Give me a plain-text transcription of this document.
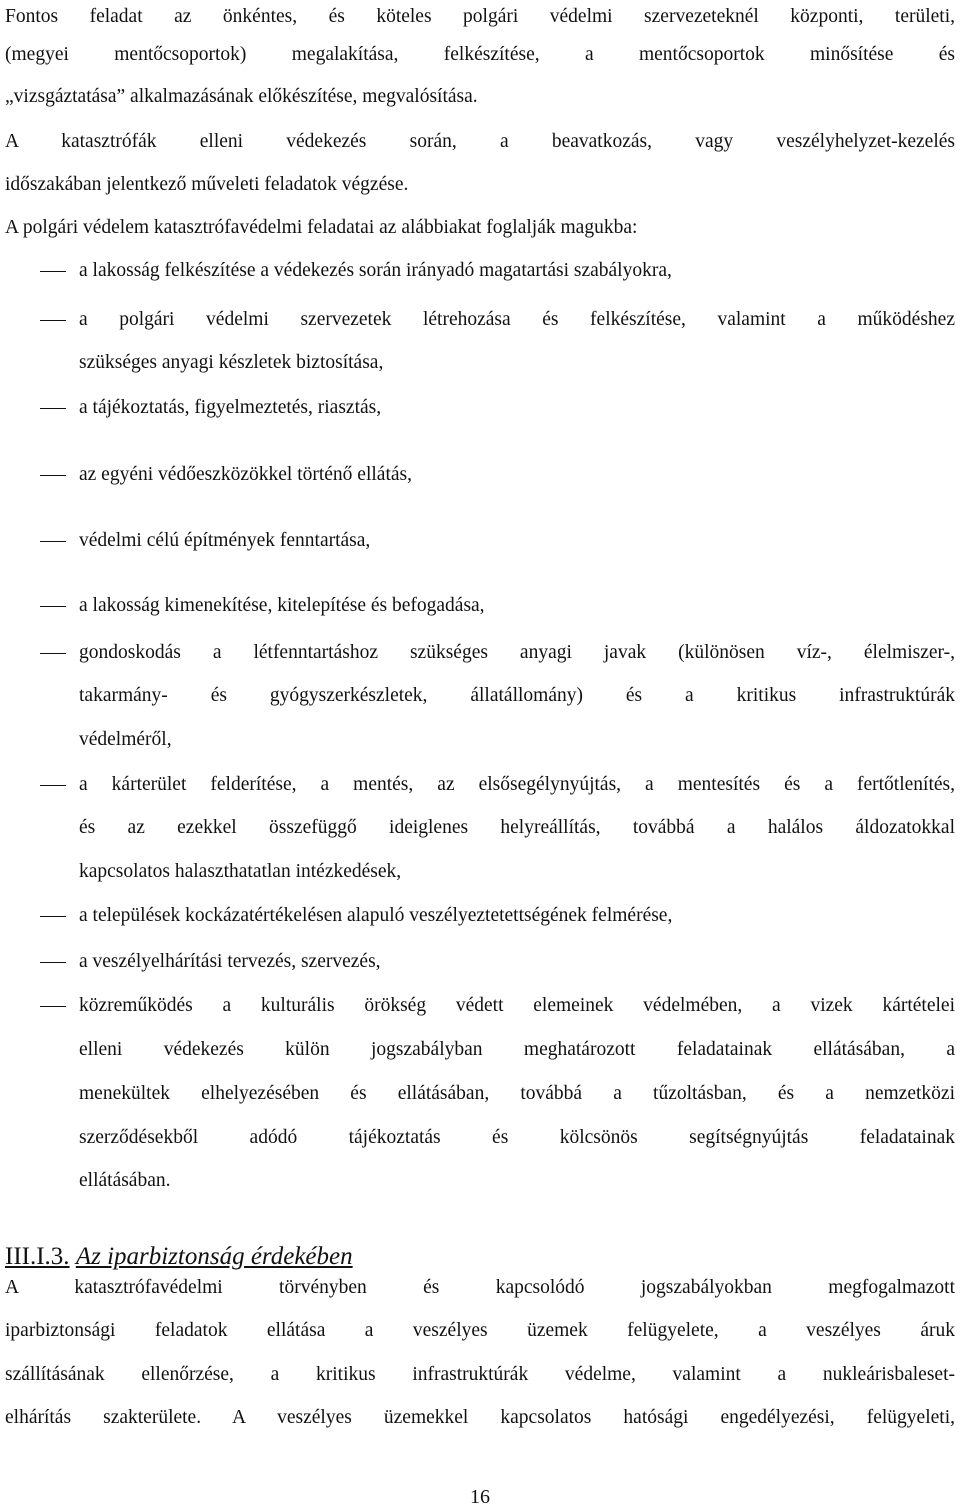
Fontos feladat az önkéntes, és köteles polgári védelmi szervezeteknél központi, területi,
(megyei mentőcsoportok) megalakítása, felkészítése, a mentőcsoportok minősítése és
„vizsgáztatása” alkalmazásának előkészítése, megvalósítása.
A katasztrófák elleni védekezés során, a beavatkozás, vagy veszélyhelyzet-kezelés
időszakában jelentkező műveleti feladatok végzése.
A polgári védelem katasztrófavédelmi feladatai az alábbiakat foglalják magukba:
a lakosság felkészítése a védekezés során irányadó magatartási szabályokra,
a polgári védelmi szervezetek létrehozása és felkészítése, valamint a működéshez
szükséges anyagi készletek biztosítása,
a tájékoztatás, figyelmeztetés, riasztás,
az egyéni védőeszközökkel történő ellátás,
védelmi célú építmények fenntartása,
a lakosság kimenekítése, kitelepítése és befogadása,
gondoskodás a létfenntartáshoz szükséges anyagi javak (különösen víz-, élelmiszer-,
takarmány- és gyógyszerkészletek, állatállomány) és a kritikus infrastruktúrák
védelméről,
a kárterület felderítése, a mentés, az elsősegélynyújtás, a mentesítés és a fertőtlenítés,
és az ezekkel összefüggő ideiglenes helyreállítás, továbbá a halálos áldozatokkal
kapcsolatos halaszthatatlan intézkedések,
a települések kockázatértékelésen alapuló veszélyeztetettségének felmérése,
a veszélyelhárítási tervezés, szervezés,
közreműködés a kulturális örökség védett elemeinek védelmében, a vizek kártételei
elleni védekezés külön jogszabályban meghatározott feladatainak ellátásában, a
menekültek elhelyezésében és ellátásában, továbbá a tűzoltásban, és a nemzetközi
szerződésekből adódó tájékoztatás és kölcsönös segítségnyújtás feladatainak
ellátásában.
III.I.3. Az iparbiztonság érdekében
A katasztrófavédelmi törvényben és kapcsolódó jogszabályokban megfogalmazott
iparbiztonsági feladatok ellátása a veszélyes üzemek felügyelete, a veszélyes áruk
szállításának ellenőrzése, a kritikus infrastruktúrák védelme, valamint a nukleárisbaleset-
elhárítás szakterülete. A veszélyes üzemekkel kapcsolatos hatósági engedélyezési, felügyeleti,
16
